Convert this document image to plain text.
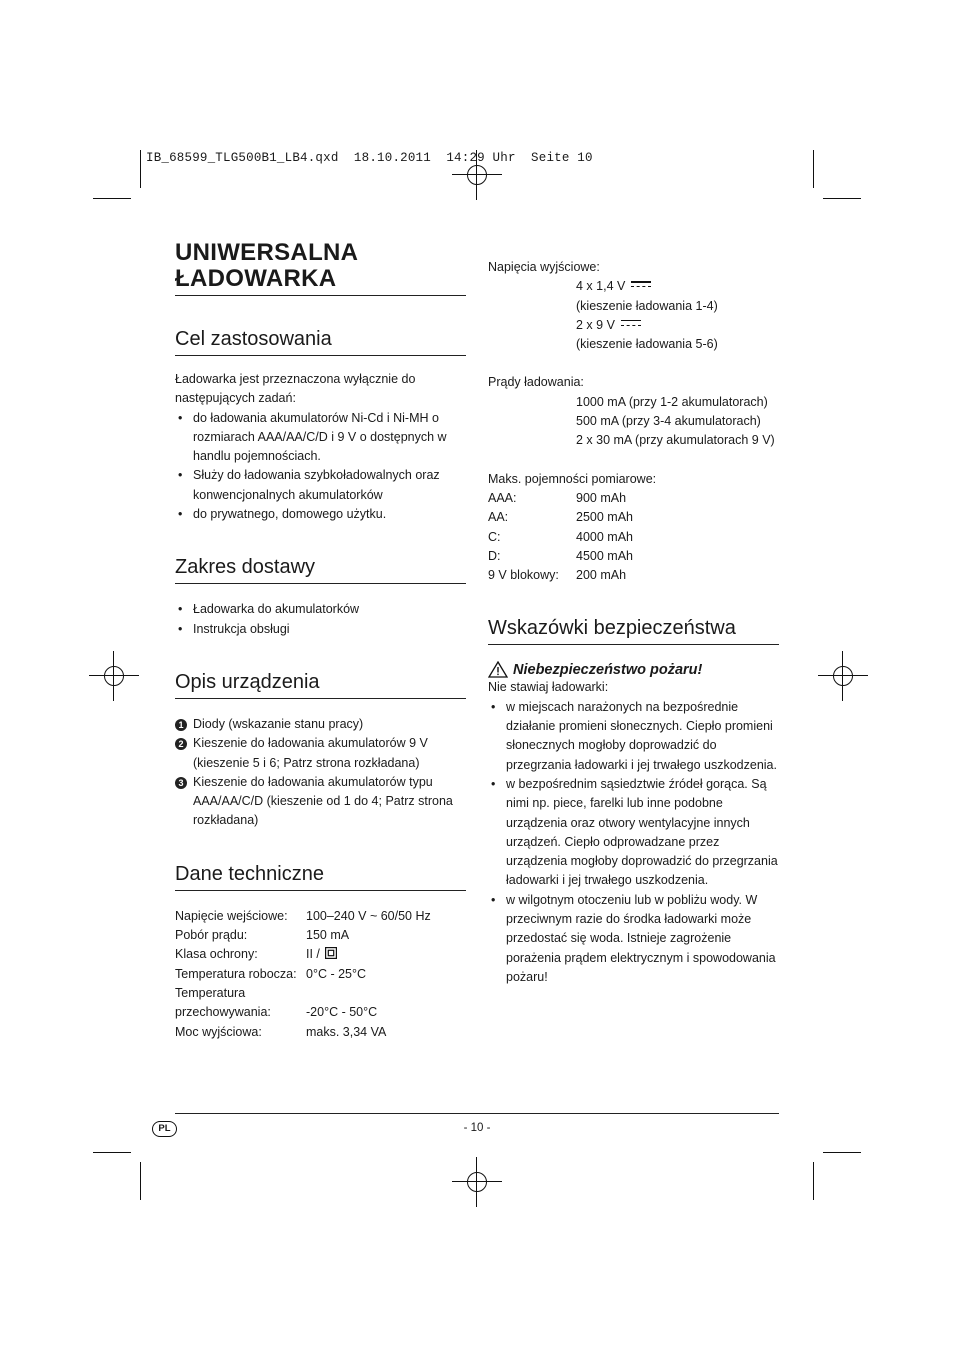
IB_68599_TLG500B1_LB4.qxd  18.10.2011  14:29 Uhr  Seite 10
UNIWERSALNA
ŁADOWARKA
Cel zastosowania

Ładowarka jest przeznaczona wyłącznie do następujących zadań:

• do ładowania akumulatorów Ni-Cd i Ni-MH o rozmiarach AAA/AA/C/D i 9 V o dostępnych w handlu pojemnościach.
• Służy do ładowania szybkoładowalnych oraz konwencjonalnych akumulatorków
• do prywatnego, domowego użytku.
Zakres dostawy
• Ładowarka do akumulatorków
• Instrukcja obsługi
Opis urządzenia
1 Diody (wskazanie stanu pracy)
2 Kieszenie do ładowania akumulatorów 9 V (kieszenie 5 i 6; Patrz strona rozkładana)
3 Kieszenie do ładowania akumulatorów typu AAA/AA/C/D (kieszenie od 1 do 4; Patrz strona rozkładana)
Dane techniczne
Napięcie wejściowe:	100–240 V ~ 60/50 Hz
Pobór prądu:	150 mA
Klasa ochrony:	II /
Temperatura robocza: 0°C - 25°C
Temperatura
przechowywania:	-20°C - 50°C
Moc wyjściowa:	maks. 3,34 VA

Napięcia wyjściowe:

4 x 1,4 V

(kieszenie ładowania 1-4)

2 x 9 V

(kieszenie ładowania 5-6)

Prądy ładowania:

1000 mA (przy 1-2 akumulatorach)

500 mA (przy 3-4 akumulatorach)

2 x 30 mA (przy akumulatorach 9 V)

Maks. pojemności pomiarowe:

AAA:	900 mAh
AA:	2500 mAh
C:	4000 mAh
D:	4500 mAh
9 V blokowy:	200 mAh
Wskazówki bezpieczeństwa
Niebezpieczeństwo pożaru!

Nie stawiaj ładowarki:

• w miejscach narażonych na bezpośrednie działanie promieni słonecznych. Ciepło promieni słonecznych mogłoby doprowadzić do przegrzania ładowarki i jej trwałego uszkodzenia.
• w bezpośrednim sąsiedztwie źródeł gorąca. Są nimi np. piece, farelki lub inne podobne urządzenia oraz otwory wentylacyjne innych urządzeń. Ciepło odprowadzane przez urządzenia mogłoby doprowadzić do przegrzania ładowarki i jej trwałego uszkodzenia.
• w wilgotnym otoczeniu lub w pobliżu wody. W przeciwnym razie do środka ładowarki może przedostać się woda. Istnieje zagrożenie porażenia prądem elektrycznym i spowodowania pożaru!
PL	- 10 -
